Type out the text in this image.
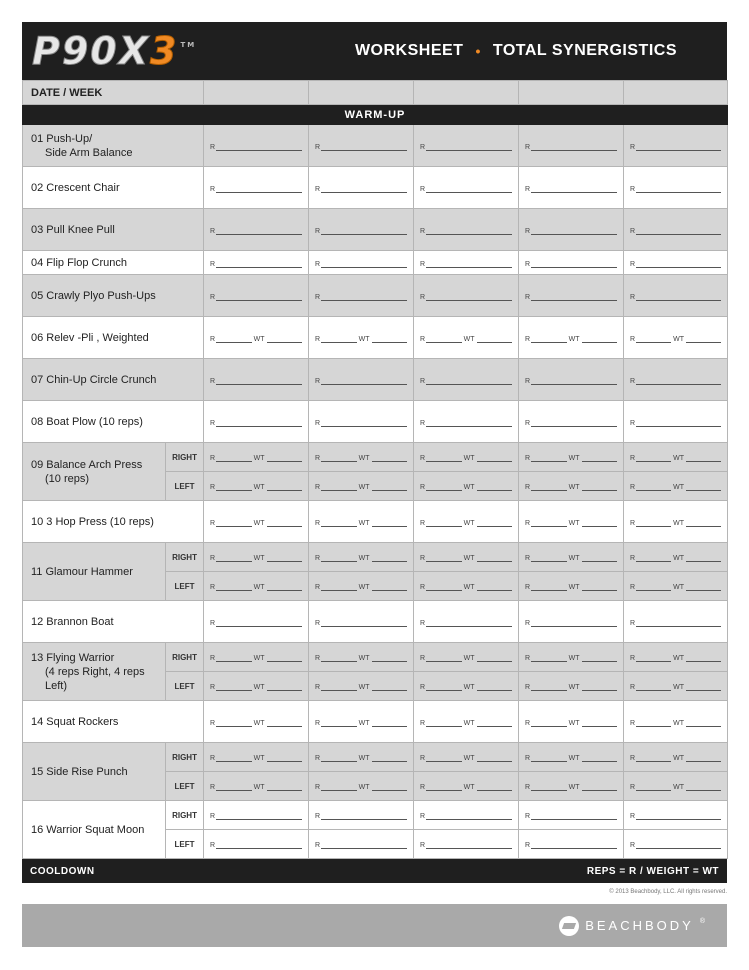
P90X 3 TM	WORKSHEET • TOTAL SYNERGISTICS
DATE / WEEK						
WARM-UP						

01 Push-Up/
Side Arm Balance		R	R	R	R	R

02 Crescent Chair		R	R	R	R	R

03 Pull Knee Pull		R	R	R	R	R

04 Flip Flop Crunch		R	R	R	R	R

05 Crawly Plyo Push-Ups		R	R	R	R	R

06 Relev -Pli , Weighted		R WT	R WT	R WT	R WT	R WT

07 Chin-Up Circle Crunch		R	R	R	R	R

08 Boat Plow (10 reps)		R	R	R	R	R

09 Balance Arch Press
(10 reps)	RIGHT	R WT	R WT	R WT	R WT	R WT

	LEFT	R WT	R WT	R WT	R WT	R WT

10 3 Hop Press (10 reps)		R WT	R WT	R WT	R WT	R WT

11 Glamour Hammer	RIGHT	R WT	R WT	R WT	R WT	R WT

	LEFT	R WT	R WT	R WT	R WT	R WT

12 Brannon Boat		R	R	R	R	R

13 Flying Warrior
(4 reps Right, 4 reps Left)	RIGHT	R WT	R WT	R WT	R WT	R WT

	LEFT	R WT	R WT	R WT	R WT	R WT

14 Squat Rockers		R WT	R WT	R WT	R WT	R WT

15 Side Rise Punch	RIGHT	R WT	R WT	R WT	R WT	R WT

	LEFT	R WT	R WT	R WT	R WT	R WT

16 Warrior Squat Moon	RIGHT	R	R	R	R	R

	LEFT	R	R	R	R	R
COOLDOWN	REPS = R / WEIGHT = WT
© 2013 Beachbody, LLC. All rights reserved.
BEACHBODY ®
